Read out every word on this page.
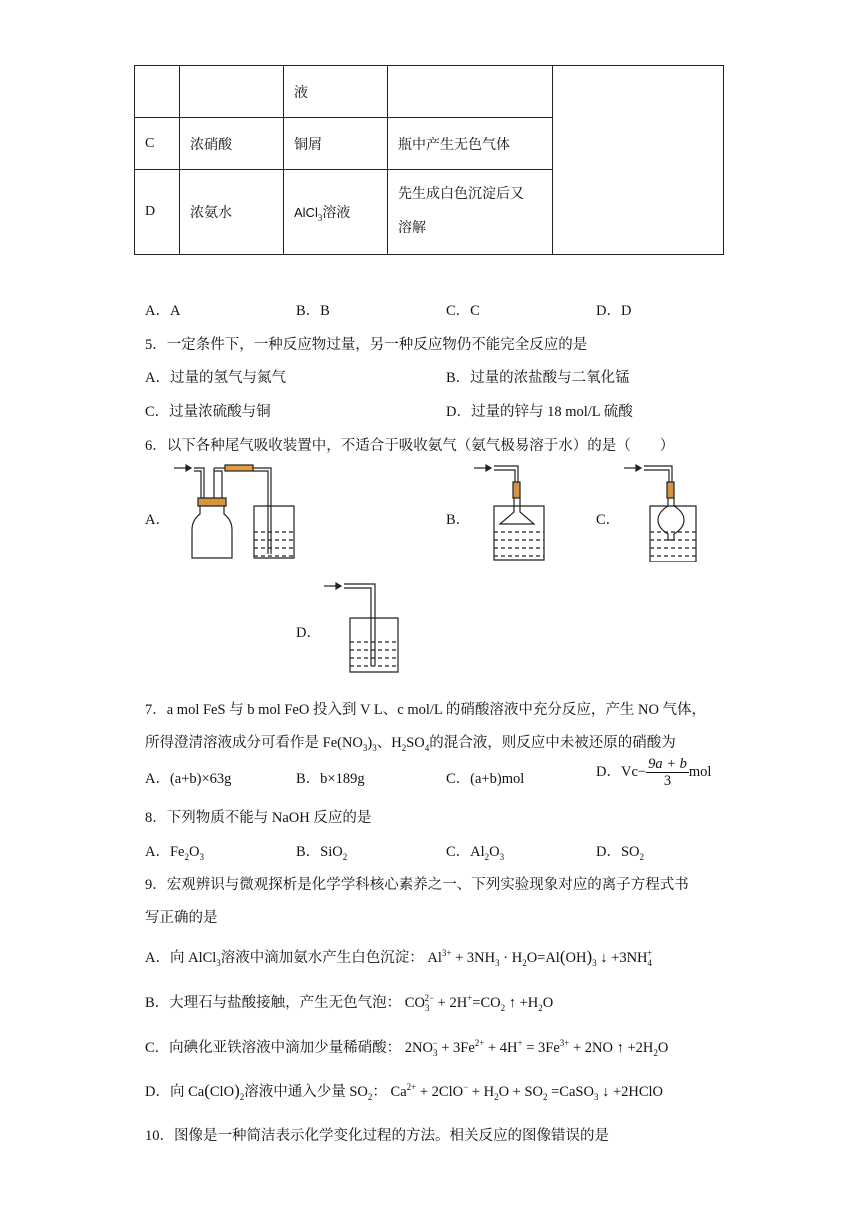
		液		
C	浓硝酸	铜屑	瓶中产生无色气体	
D	浓氨水	AlCl$_3$溶液	先生成白色沉淀后又
溶解	
A．A	B．B	C．C	D．D
5．一定条件下，一种反应物过量，另一种反应物仍不能完全反应的是
A．过量的氢气与氮气	B．过量的浓盐酸与二氧化锰
C．过量浓硫酸与铜	D．过量的锌与 18 mol/L 硫酸
6．以下各种尾气吸收装置中，不适合于吸收氨气（氨气极易溶于水）的是（　　）
A．	B．	C．
D．
7．a mol FeS 与 b mol FeO 投入到 V L、c mol/L 的硝酸溶液中充分反应，产生 NO 气体，
所得澄清溶液成分可看作是 $Fe(NO_3)_3$、$H_2SO_4$的混合液，则反应中未被还原的硝酸为
A．(a+b)×63g	B．b×189g	C．(a+b)mol	D．$Vc- \frac{9a + b}{3}$ mol
8．下列物质不能与 NaOH 反应的是
A．$Fe_2O_3$	B．SiO$_2$	C．$Al_2O_3$	D．$SO_2$
9．宏观辨识与微观探析是化学学科核心素养之一、下列实验现象对应的离子方程式书
写正确的是
A．向 AlCl$_3$溶液中滴加氨水产生白色沉淀： $Al^{3+} + 3NH_3 \cdot H_2O=Al(OH)_3$ ↓ $+3NH_4^+$
B．大理石与盐酸接触，产生无色气泡： $CO_3^{2-} + 2H^+=CO_2$ ↑ $+H_2O$
C．向碘化亚铁溶液中滴加少量稀硝酸： $2NO_3^- + 3Fe^{2+} + 4H^+ = 3Fe^{3+} + 2NO$ ↑ $+2H_2O$
D．向 $Ca(ClO)_2$溶液中通入少量 $SO_2$： $Ca^{2+} + 2ClO^- + H_2O + SO_2$ =CaSO$_3$ ↓ +2HClO
10．图像是一种简洁表示化学变化过程的方法。相关反应的图像错误的是
